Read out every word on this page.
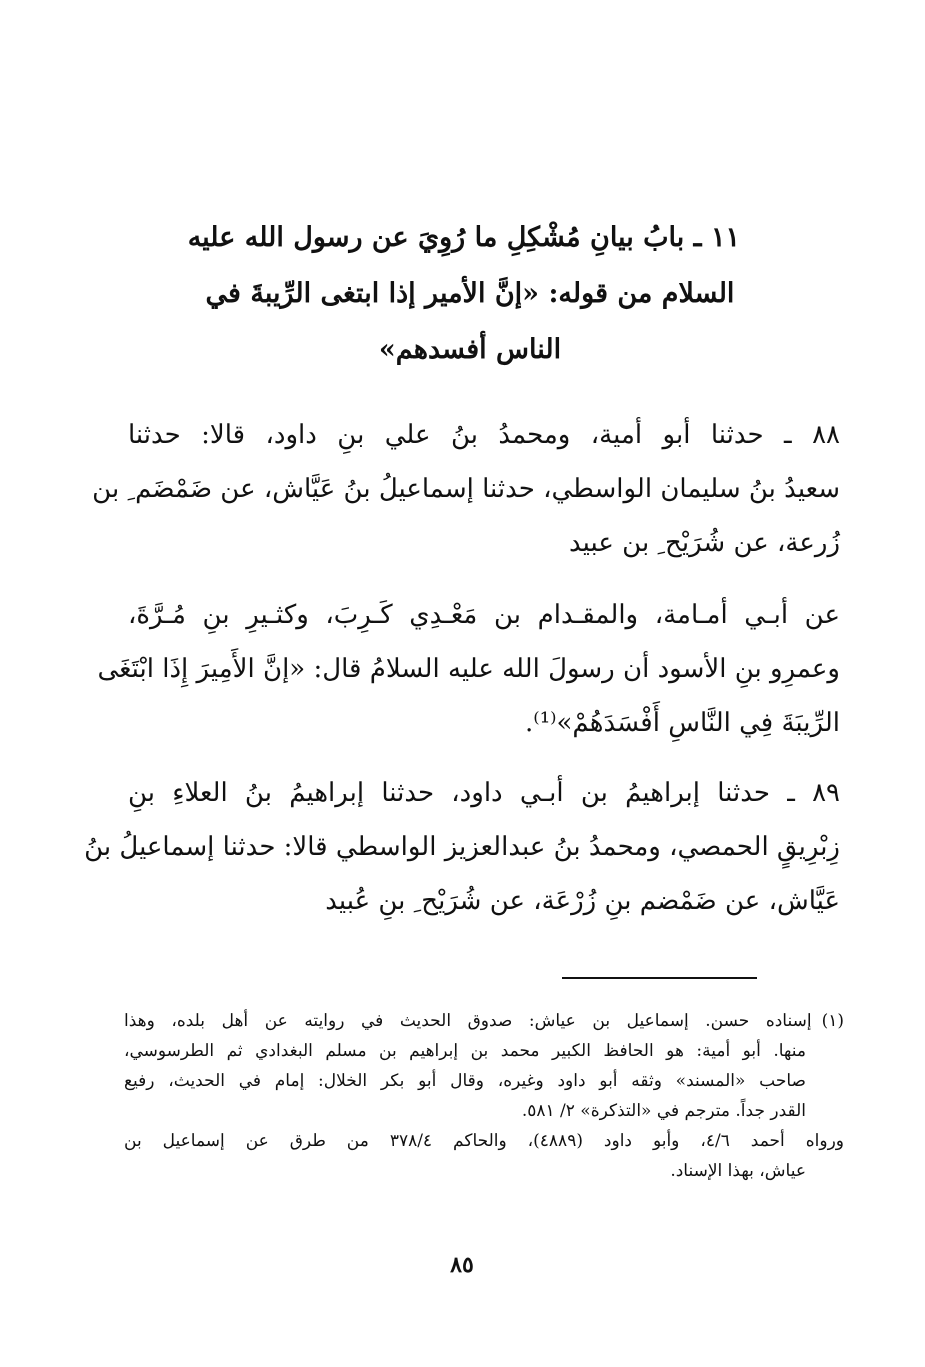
١١ ـ بابُ بيانِ مُشْكِلِ ما رُوِيَ عن رسول الله عليه
السلام من قوله: «إنَّ الأمير إذا ابتغى الرِّيبةَ في
الناس أفسدهم»
٨٨ ـ حدثنا أبو أمية، ومحمدُ بنُ علي بنِ داود، قالا: حدثنا
سعيدُ بنُ سليمان الواسطي، حدثنا إسماعيلُ بنُ عَيَّاش، عن ضَمْضَم ِ بن
زُرعة، عن شُرَيْح ِ بن عبيد
عن أبـي أمـامة، والمقـدام بن مَعْـدِي كَـرِبَ، وكثـيرِ بنِ مُـرَّةَ،
وعمرِو بنِ الأسود أن رسولَ الله عليه السلامُ قال: «إنَّ الأَمِيرَ إِذَا ابْتَغَى
الرِّيبَةَ فِي النَّاسِ أَفْسَدَهُمْ»⁽¹⁾.
٨٩ ـ حدثنا إبراهيمُ بن أبـي داود، حدثنا إبراهيمُ بنُ العلاءِ بنِ
زِبْرِيقٍ الحمصي، ومحمدُ بنُ عبدالعزيز الواسطي قالا: حدثنا إسماعيلُ بنُ
عَيَّاش، عن ضَمْضم بنِ زُرْعَة، عن شُرَيْح ِ بنِ عُبيد
(١)إسناده حسن. إسماعيل بن عياش: صدوق الحديث في روايته عن أهل بلده، وهذا
منها. أبو أمية: هو الحافظ الكبير محمد بن إبراهيم بن مسلم البغدادي ثم الطرسوسي،
صاحب «المسند» وثقه أبو داود وغيره، وقال أبو بكر الخلال: إمام في الحديث، رفيع
القدر جداً. مترجم في «التذكرة» ٢/ ٥٨١.
ورواه أحمد ٤/٦، وأبو داود (٤٨٨٩)، والحاكم ٣٧٨/٤ من طرق عن إسماعيل بن
عياش، بهذا الإسناد.
٨٥
